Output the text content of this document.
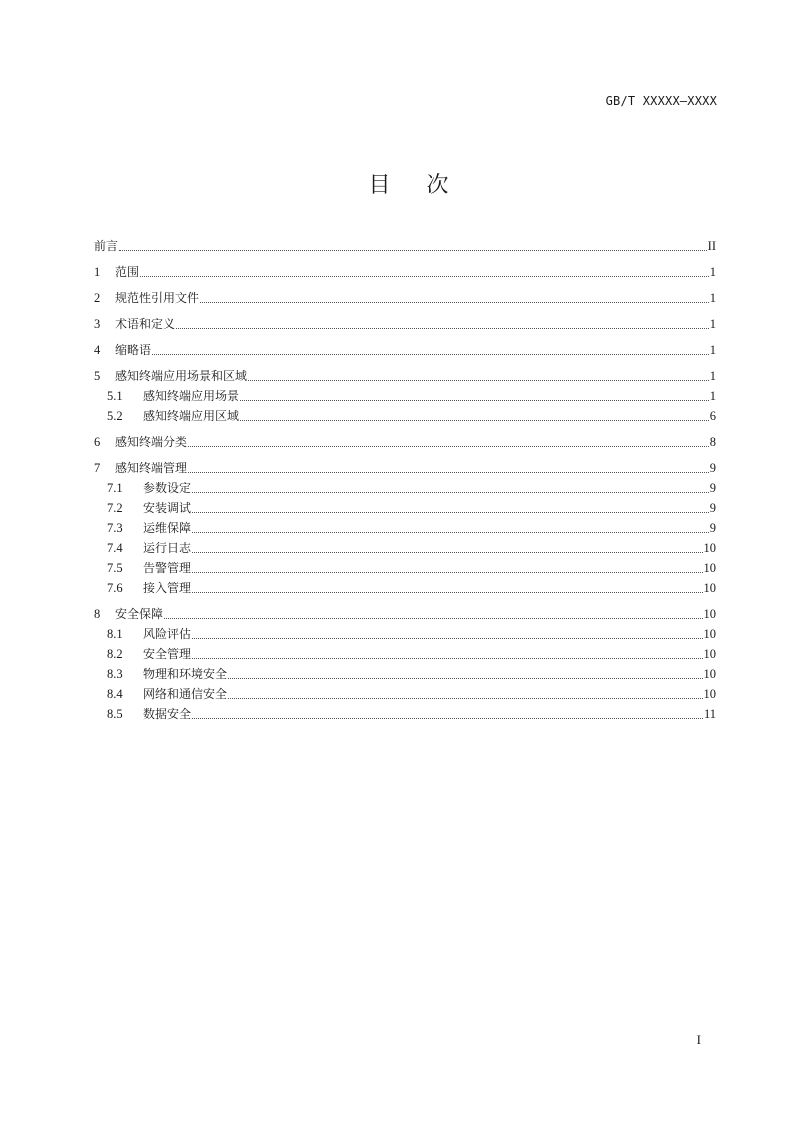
GB/T XXXXX—XXXX
目 次
前言	II
1	范围	1
2	规范性引用文件	1
3	术语和定义	1
4	缩略语	1
5	感知终端应用场景和区域	1
5.1	感知终端应用场景	1
5.2	感知终端应用区域	6
6	感知终端分类	8
7	感知终端管理	9
7.1	参数设定	9
7.2	安装调试	9
7.3	运维保障	9
7.4	运行日志	10
7.5	告警管理	10
7.6	接入管理	10
8	安全保障	10
8.1	风险评估	10
8.2	安全管理	10
8.3	物理和环境安全	10
8.4	网络和通信安全	10
8.5	数据安全	11
I
